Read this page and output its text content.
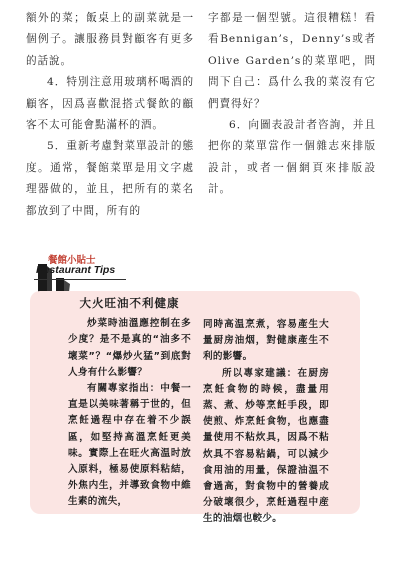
額外的菜；飯桌上的副菜就是一個例子。讓服務員對顧客有更多的話說。

4．特別注意用玻璃杯喝酒的顧客，因爲喜歡混搭式餐飲的顧客不太可能會點滿杯的酒。

5．重新考慮對菜單設計的態度。通常，餐館菜單是用文字處理器做的，並且，把所有的菜名都放到了中間，所有的

字都是一個型號。這很糟糕！看看Bennigan’s，Denny’s或者Olive Garden’s的菜單吧，問問下自己：爲什么我的菜沒有它們賣得好？

6．向圖表設計者咨詢，并且把你的菜單當作一個雜志來排版設計，或者一個網頁來排版設計。

餐館小貼士
Restaurant Tips

大火旺油不利健康

炒菜時油溫應控制在多少度？是不是真的“油多不壞菜”？“爆炒火猛”到底對人身有什么影響？

有關專家指出：中餐一直是以美味著稱于世的，但烹飪過程中存在着不少誤區，如堅持高溫烹飪更美味。實際上在旺火高温时放入原料，極易使原料粘結，外焦内生，并導致食物中維生素的流失，

同時高温烹煮，容易產生大量厨房油烟，對健康產生不利的影響。

所以專家建議：在厨房烹飪食物的時候，盡量用蒸、煮、炒等烹飪手段，即使煎、炸烹飪食物，也應盡量使用不粘炊具，因爲不粘炊具不容易粘鍋，可以減少食用油的用量，保證油温不會過高，對食物中的營養成分破壞很少，烹飪過程中産生的油烟也較少。
